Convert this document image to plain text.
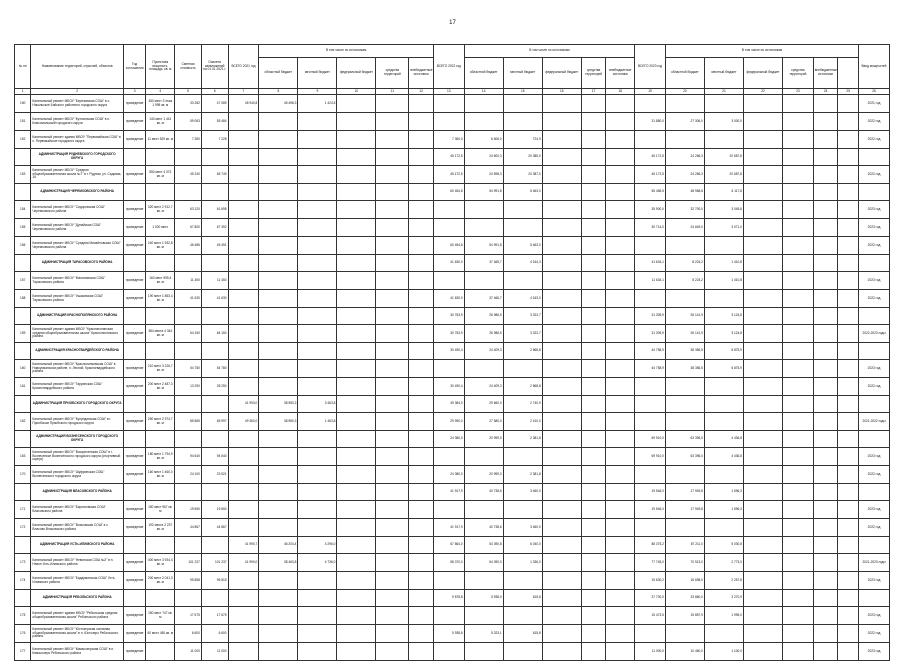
17
№ пп	Наименование территорий, отраслей, объектов	Год соглашения	Проектная мощность, площадь, кв. м	Сметная стоимость	Освоено капвложений на 01.01.2021 г.	ВСЕГО 2021 год	В том числе по источникам					ВСЕГО 2022 год	В том числе по источникам					ВСЕГО 2023 год	В том числе по источникам						Ввод мощностей
							областной бюджет	местный бюджет	федеральный бюджет	средства территорий	внебюджетные источники		областной бюджет	местный бюджет	федеральный бюджет	средства территорий	внебюджетные источники		областной бюджет	местный бюджет	федеральный бюджет	средства территорий	внебюджетные источники		
1	2	3	4	5	6	7	8	9	10	11	12	13	14	15	16	17	18	19	20	21	22	23	24	25	26
150	Капитальный ремонт МБОУ "Березовская СОШ" в с. Никольское Бийского районного городского округа	проведение	450 мест 3 этаж 1 998 кв. м	33 282	47 089	45 940,8	45 498,3	1 424,5																	2021 год
151	Капитальный ремонт МБОУ "Кутихинская СОШ" в п. Комсомольский городского округа	проведение	140 мест 1 441 кв. м	59 063	55 484													31 880,0	27 306,0	3 000,0					2022 год
152	Капитальный ремонт здания МБОУ "Первомайская СОШ" в с. Первомайское городского округа	проведение	11 мест 529 кв. м	7 280	7 228							7 360,0	6 606,0	724,9											2022 год
	АДМИНИСТРАЦИЯ РУДНЕВСКОГО ГОРОДСКОГО ОКРУГА											45 172,5	24 600,3	20 385,0				45 172,5	24 266,3	20 687,8					
153	Капитальный ремонт МБОУ "Средняя общеобразовательная школа №7" в г. Рудном, ул. Садовая, 16	проведение	550 мест 4 373 кв. м	45 240	65 749							45 172,5	24 598,3	20 387,0				45 172,5	24 266,3	20 687,8					2022 год
	АДМИНИСТРАЦИЯ ЧЕРЕМХОВСКОГО РАЙОНА											60 454,8	54 991,8	5 463,0				55 456,5	48 968,8	6 117,8					
154	Капитальный ремонт МБОУ "Сидоровская СОШ" Черемховского района	проведение	320 мест 2 912,7 кв. м	63 120	61 698													35 900,0	32 700,0	3 045,8					2023 год
155	Капитальный ремонт МБОУ "Дунайская СОШ" Черемховского района	проведение	1 000 мест	67 800	67 392													30 714,0	24 649,0	3 071,0					2023 год
156	Капитальный ремонт МБОУ "Средняя Михайловская СОШ" Черемховского района	проведение	240 мест 1 932,8 кв. м	46 486	45 491							60 454,8	54 991,8	5 463,0											2022 год
	АДМИНИСТРАЦИЯ ТАРАСОВСКОГО РАЙОНА											41 630,0	37 465,7	4 164,3				41 634,1	8 224,2	1 410,8					
157	Капитальный ремонт МБОУ "Малиновская СОШ" Тарасовского района	проведение	160 мест 595,4 кв. м	11 450	11 450													11 634,1	8 224,2	1 410,8					2023 год
158	Капитальный ремонт МБОУ "Ушаковская СОШ" Тарасовского района	проведение	190 мест 1 853,4 кв. м	41 630	41 630							41 630,0	37 466,7	4 163,0											2022 год
	АДМИНИСТРАЦИЯ КРАСНОПОЛЯНСКОГО РАЙОНА											30 763,9	26 986,5	3 323,7				31 305,9	26 141,9	3 124,8					
159	Капитальный ремонт здания МБОУ "Краснополянская средняя общеобразовательная школа" Краснополянского района	проведение	384 места 4 344 кв. м	64 150	64 150							30 763,9	26 986,5	3 323,7				31 305,9	26 141,9	3 124,8					2022-2023 годы
	АДМИНИСТРАЦИЯ КРАСНОГВАРДЕЙСКОГО РАЙОНА											30 490,4	24 409,3	2 868,8				44 758,9	38 356,5	6 875,9					
160	Капитальный ремонт МБОУ "Краснолипьевская СОШ" в Новоусманском районе, п. Лесной, Красногвардейского района	проведение	210 мест 3 226,7 кв. м	54 780	54 780													44 758,9	38 356,5	6 875,9					2023 год
161	Капитальный ремонт МБОУ "Гарринская СОШ" Красногвардейского района	проведение	200 мест 2 487,3 кв. м	13 290	28 250							30 490,4	24 409,3	2 868,8											2022 год
	АДМИНИСТРАЦИЯ ПРИОБСКОГО ГОРОДСКОГО ОКРУГА					41 993,0	38 983,3	3 463,8				49 384,0	29 660,0	2 740,9											
162	Капитальный ремонт МБОУ "Кулундинская СОШ" в г. Приобском Приобского городского округа	проведение	250 мест 2 974,7 кв. м	85 865	65 997	49 360,0	38 980,3	1 463,8				29 990,0	27 580,0	2 410,0											2021-2022 годы
	АДМИНИСТРАЦИЯ ВОЗНЕСЕНСКОГО ГОРОДСКОГО ОКРУГА											24 380,0	20 999,0	2 381,8				69 910,0	63 396,0	4 436,8					
163	Капитальный ремонт МБОУ "Воскресенская СОШ" в г. Вознесенске Вознесенского городского округа (спортивный корпус)	проведение	180 мест 1 794,9 кв. м	94 640	94 640													69 910,0	63 396,0	4 436,8					2023 год
170	Капитальный ремонт МБОУ "Шуфринская СОШ" Вознесенского городского округа	проведение	160 мест 1 460,0 кв. м	24 100	23 521							24 380,0	20 999,0	2 381,8											2022 год
	АДМИНИСТРАЦИЯ ВЛАСОВСКОГО РАЙОНА											41 917,9	40 738,6	3 460,0				19 546,0	17 949,8	1 596,3					
171	Капитальный ремонт МБОУ "Бархатовская СОШ" Власовского района	проведение	150 мест 967 кв. м	19 650	19 650													19 546,0	17 949,8	1 596,3					2023 год
172	Капитальный ремонт МБОУ "Власовская СОШ" в с. Власово Власовского района	проведение	192 места 2 237 кв. м	44 867	44 867							41 917,9	40 738,6	3 460,0											2022 год
	АДМИНИСТРАЦИЯ УСТЬ-ИЛИМСКОГО РАЙОНА					41 990,7	46 204,4	4 296,0				67 864,0	54 390,8	6 040,0				88 375,2	87 211,0	5 030,8					
173	Капитальный ремонт МБОУ "Невонская СОШ №2" в п. Невон Усть-Илимского района	проведение	400 мест 3 934,4 кв. м	101 237	101 237	41 990,0	38 463,8	4 736,0				58 370,0	54 390,0	1 336,0				77 745,0	70 513,0	2 773,0					2021-2023 годы
174	Капитальный ремонт МБОУ "Бадарминская СОШ" Усть-Илимского района	проведение	200 мест 2 041,3 кв. м	95 858	95 515													15 630,2	16 698,0	2 257,8					2023 год
	АДМИНИСТРАЦИЯ РЕБОЛЬСКОГО РАЙОНА											9 878,8	5 938,0	615,8				37 700,0	33 860,0	3 270,9					
175	Капитальный ремонт здания МБОУ "Ребольская средняя общеобразовательная школа" Ребольского района	проведение	150 мест 747 кв. м	17 675	17 675													15 473,5	15 857,9	1 995,0					2023 год
176	Капитальный ремонт МБОУ "Юстозерская основная общеобразовательная школа" в п. Юстозеро Ребольского района	проведение	60 мест 450 кв. м	6 600	6 600							5 938,8	5 323,1	615,8											2022 год
177	Капитальный ремонт МБОУ "Кимасозерская СОШ" в п. Кимасозеро Ребольского района	проведение		11 000	11 000													11 000,0	10 460,0	1 100,0					2023 год
